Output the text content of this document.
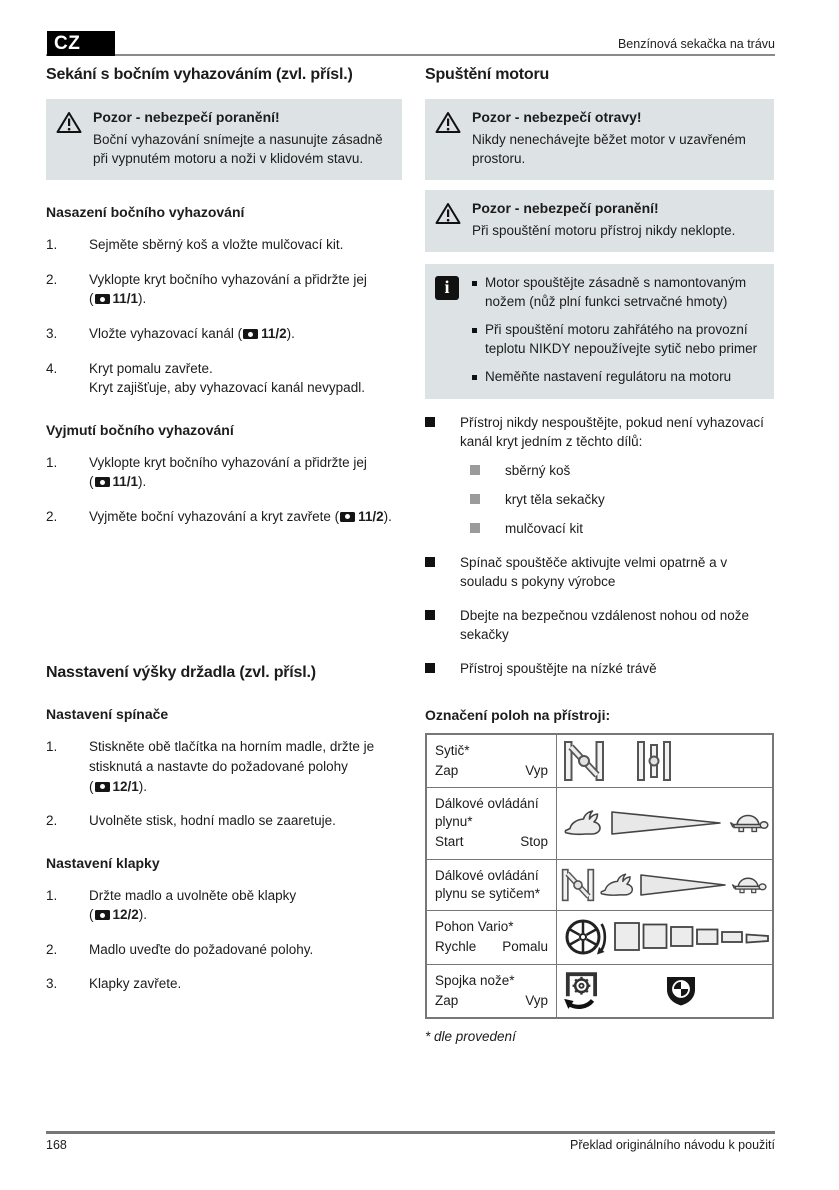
CZ	Benzínová sekačka na trávu
Sekání s bočním vyhazováním (zvl. přísl.)
Pozor - nebezpečí poranění!
Boční vyhazování snímejte a nasunujte zásadně při vypnutém motoru a noži v klidovém stavu.
Nasazení bočního vyhazování
1.	Sejměte sběrný koš a vložte mulčovací kit.
2.	Vyklopte kryt bočního vyhazování a přidržte jej
( 11/1).
3.	Vložte vyhazovací kanál ( 11/2).
4.	Kryt pomalu zavřete.
Kryt zajišťuje, aby vyhazovací kanál nevypadl.
Vyjmutí bočního vyhazování
1.	Vyklopte kryt bočního vyhazování a přidržte jej
( 11/1).
2.	Vyjměte boční vyhazování a kryt zavřete ( 11/2).
Nasstavení výšky držadla (zvl. přísl.)
Nastavení spínače
1.	Stiskněte obě tlačítka na horním madle, držte je stisknutá a nastavte do požadované polohy
( 12/1).
2.	Uvolněte stisk, hodní madlo se zaaretuje.
Nastavení klapky
1.	Držte madlo a uvolněte obě klapky
( 12/2).
2.	Madlo uveďte do požadované polohy.
3.	Klapky zavřete.
Spuštění motoru
Pozor - nebezpečí otravy!
Nikdy nenechávejte běžet motor v uzavřeném prostoru.
Pozor - nebezpečí poranění!
Při spouštění motoru přístroj nikdy neklopte.
i	Motor spouštějte zásadně s namontovaným nožem (nůž plní funkci setrvačné hmoty)
Při spouštění motoru zahřátého na provozní teplotu NIKDY nepoužívejte sytič nebo primer
Neměňte nastavení regulátoru na motoru
Přístroj nikdy nespouštějte, pokud není vyhazovací kanál kryt jedním z těchto dílů:
sběrný koš
kryt těla sekačky
mulčovací kit
Spínač spouštěče aktivujte velmi opatrně a v souladu s pokyny výrobce
Dbejte na bezpečnou vzdálenost nohou od nože sekačky
Přístroj spouštějte na nízké trávě
Označení poloh na přístroji:
Sytič*
Zap	Vyp
Dálkové ovládání plynu*
Start	Stop
Dálkové ovládání plynu se sytičem*
Pohon Vario*
Rychle Pomalu
Spojka nože*
Zap	Vyp
* dle provedení
168	Překlad originálního návodu k použití
